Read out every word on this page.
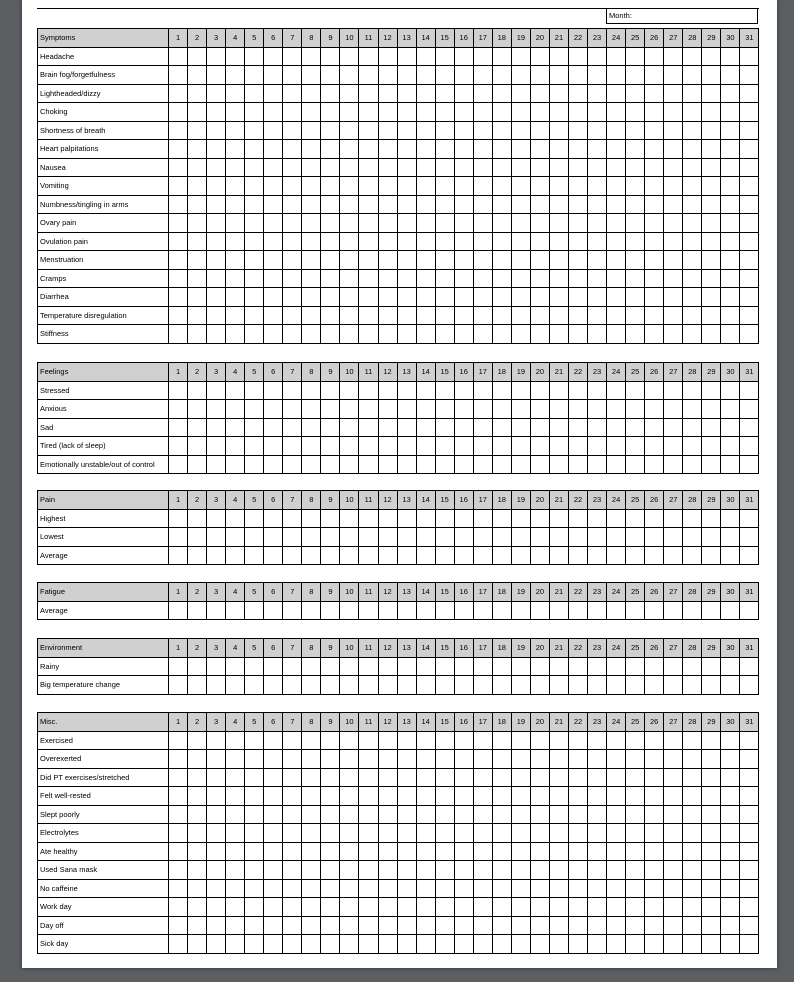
Month:
Symptoms	1	2	3	4	5	6	7	8	9	10	11	12	13	14	15	16	17	18	19	20	21	22	23	24	25	26	27	28	29	30	31
Headache																															
Brain fog/forgetfulness																															
Lightheaded/dizzy																															
Choking																															
Shortness of breath																															
Heart palpitations																															
Nausea																															
Vomiting																															
Numbness/tingling in arms																															
Ovary pain																															
Ovulation pain																															
Menstruation																															
Cramps																															
Diarrhea																															
Temperature disregulation																															
Stiffness																															
Feelings	1	2	3	4	5	6	7	8	9	10	11	12	13	14	15	16	17	18	19	20	21	22	23	24	25	26	27	28	29	30	31
Stressed																															
Anxious																															
Sad																															
Tired (lack of sleep)																															
Emotionally unstable/out of control																															
Pain	1	2	3	4	5	6	7	8	9	10	11	12	13	14	15	16	17	18	19	20	21	22	23	24	25	26	27	28	29	30	31
Highest																															
Lowest																															
Average																															
Fatigue	1	2	3	4	5	6	7	8	9	10	11	12	13	14	15	16	17	18	19	20	21	22	23	24	25	26	27	28	29	30	31
Average																															
Environment	1	2	3	4	5	6	7	8	9	10	11	12	13	14	15	16	17	18	19	20	21	22	23	24	25	26	27	28	29	30	31
Rainy																															
Big temperature change																															
Misc.	1	2	3	4	5	6	7	8	9	10	11	12	13	14	15	16	17	18	19	20	21	22	23	24	25	26	27	28	29	30	31
Exercised																															
Overexerted																															
Did PT exercises/stretched																															
Felt well-rested																															
Slept poorly																															
Electrolytes																															
Ate healthy																															
Used Sana mask																															
No caffeine																															
Work day																															
Day off																															
Sick day																															
